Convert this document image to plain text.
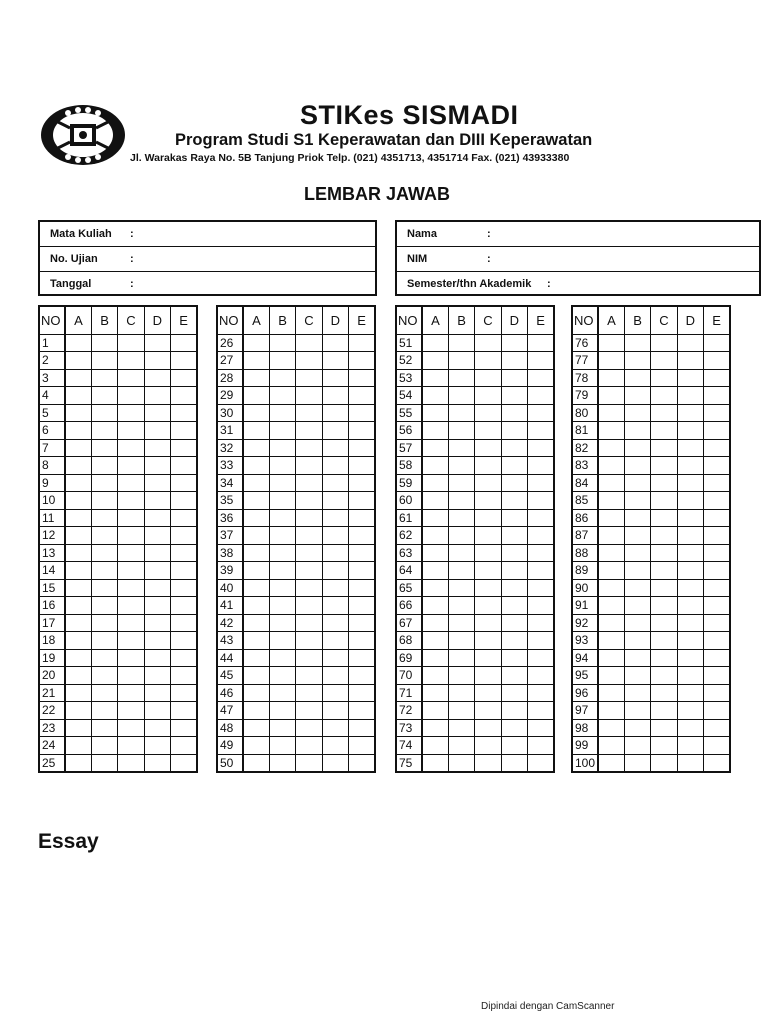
STIKes SISMADI
Program Studi S1 Keperawatan dan DIII Keperawatan
Jl. Warakas Raya No. 5B Tanjung Priok Telp. (021) 4351713, 4351714 Fax. (021) 43933380
LEMBAR JAWAB
Mata Kuliah :
No. Ujian	:
Tanggal	:
Nama	:
NIM	:
Semester/thn Akademik :
NO	A	B	C	D	E
1					
2					
3					
4					
5					
6					
7					
8					
9					
10					
11					
12					
13					
14					
15					
16					
17					
18					
19					
20					
21					
22					
23					
24					
25					
NO	A	B	C	D	E
26					
27					
28					
29					
30					
31					
32					
33					
34					
35					
36					
37					
38					
39					
40					
41					
42					
43					
44					
45					
46					
47					
48					
49					
50					
NO	A	B	C	D	E
51					
52					
53					
54					
55					
56					
57					
58					
59					
60					
61					
62					
63					
64					
65					
66					
67					
68					
69					
70					
71					
72					
73					
74					
75					
NO	A	B	C	D	E
76					
77					
78					
79					
80					
81					
82					
83					
84					
85					
86					
87					
88					
89					
90					
91					
92					
93					
94					
95					
96					
97					
98					
99					
100					
Essay
Dipindai dengan CamScanner
